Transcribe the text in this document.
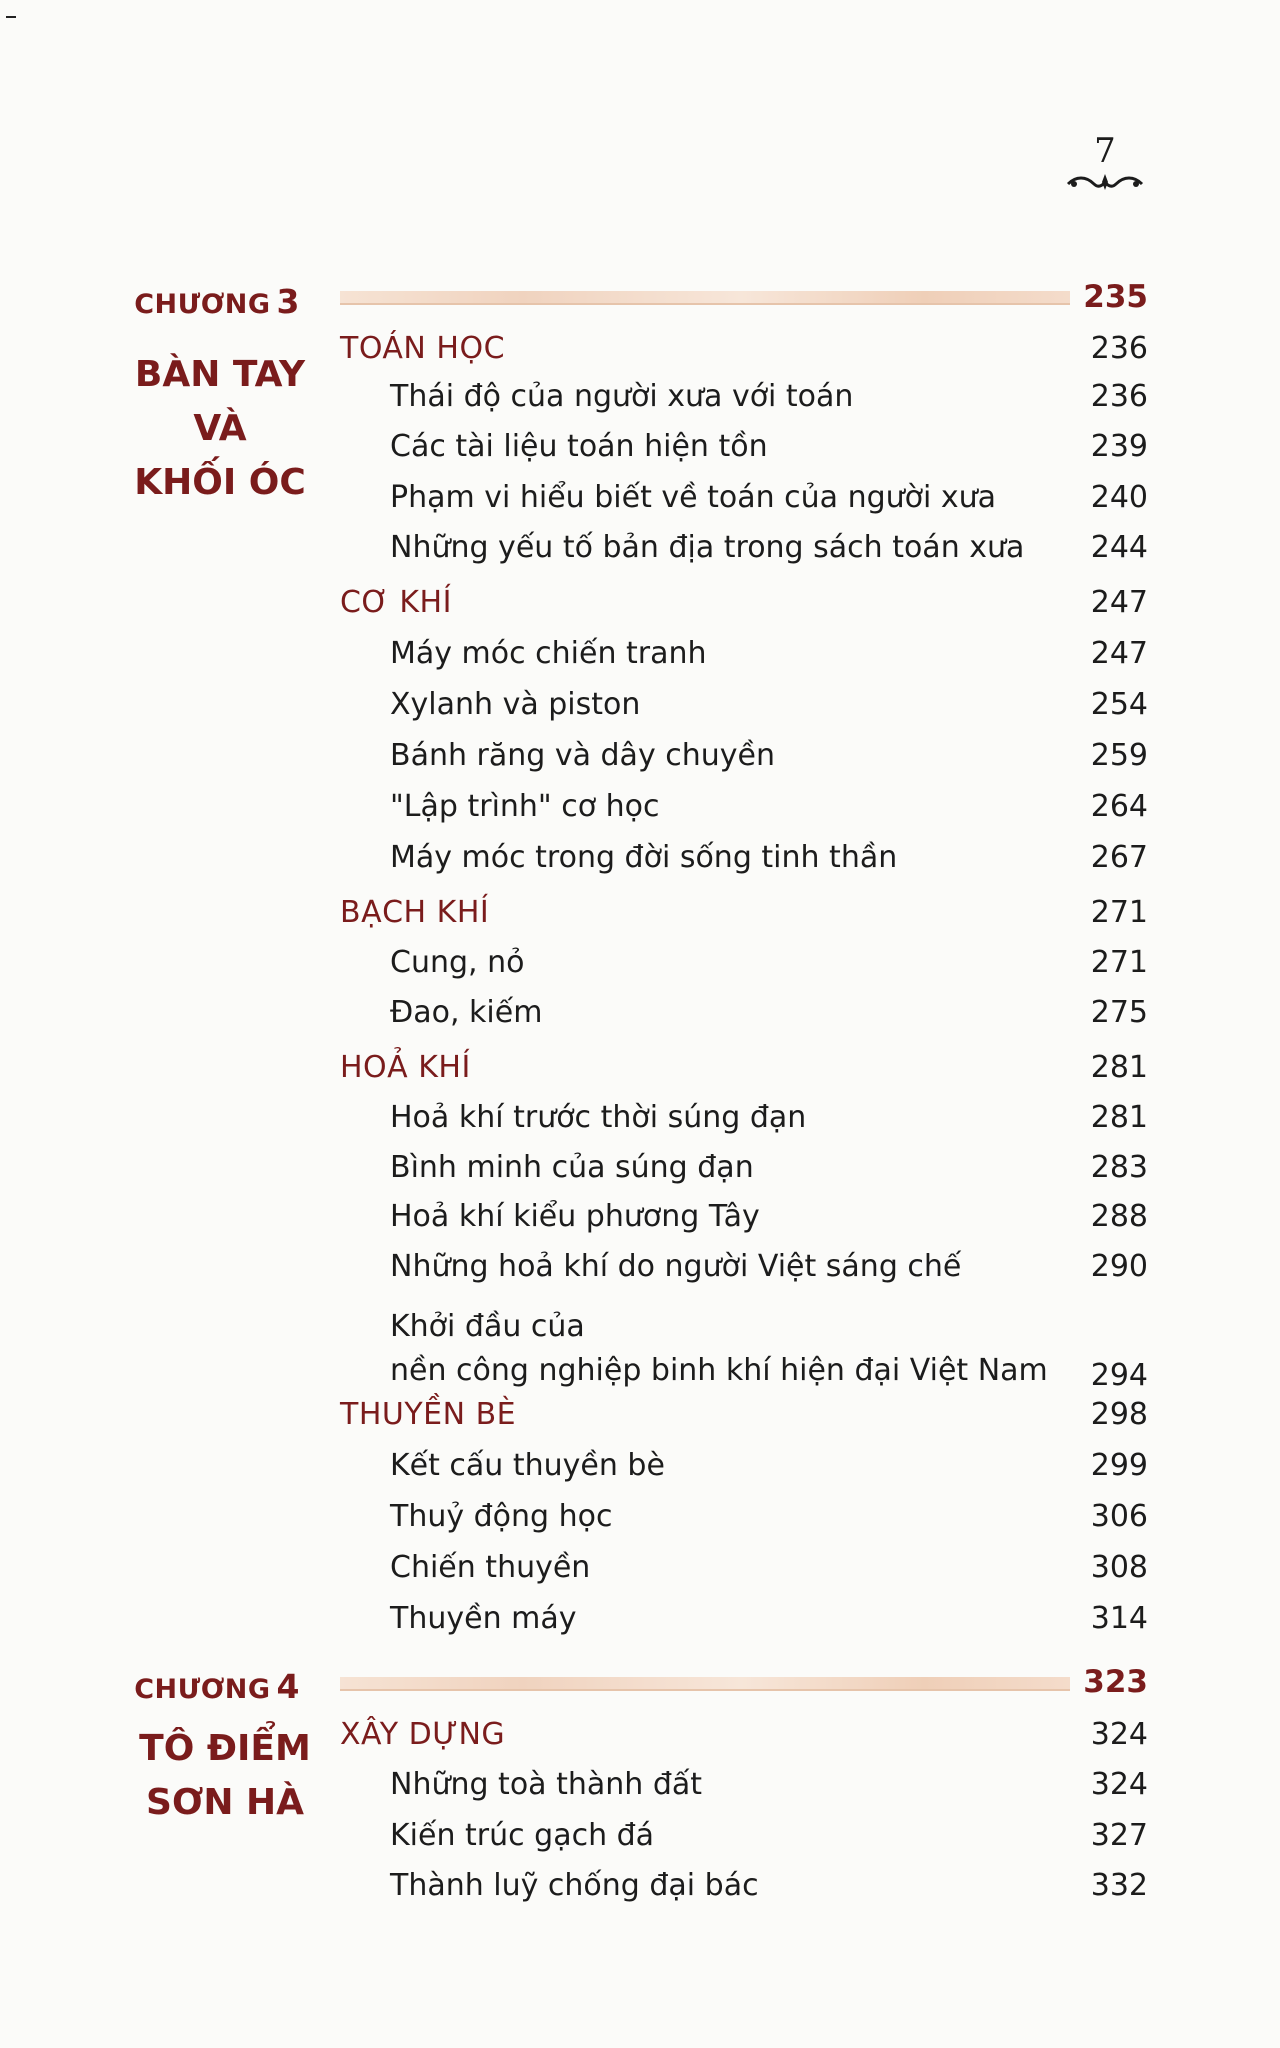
7
CHƯƠNG 3	235
BÀN TAY
VÀ
KHỐI ÓC
TOÁN HỌC	236
Thái độ của người xưa với toán	236
Các tài liệu toán hiện tồn	239
Phạm vi hiểu biết về toán của người xưa	240
Những yếu tố bản địa trong sách toán xưa 244
CƠ KHÍ	247
Máy móc chiến tranh	247
Xylanh và piston	254
Bánh răng và dây chuyền	259
"Lập trình" cơ học	264
Máy móc trong đời sống tinh thần	267
BẠCH KHÍ	271
Cung, nỏ	271
Đao, kiếm	275
HOẢ KHÍ	281
Hoả khí trước thời súng đạn	281
Bình minh của súng đạn	283
Hoả khí kiểu phương Tây	288
Những hoả khí do người Việt sáng chế	290
Khởi đầu của
nền công nghiệp binh khí hiện đại Việt Nam 294
THUYỀN BÈ	298
Kết cấu thuyền bè	299
Thuỷ động học	306
Chiến thuyền	308
Thuyền máy	314
CHƯƠNG 4	323
TÔ ĐIỂM
SƠN HÀ
XÂY DỰNG	324
Những toà thành đất	324
Kiến trúc gạch đá	327
Thành luỹ chống đại bác	332
